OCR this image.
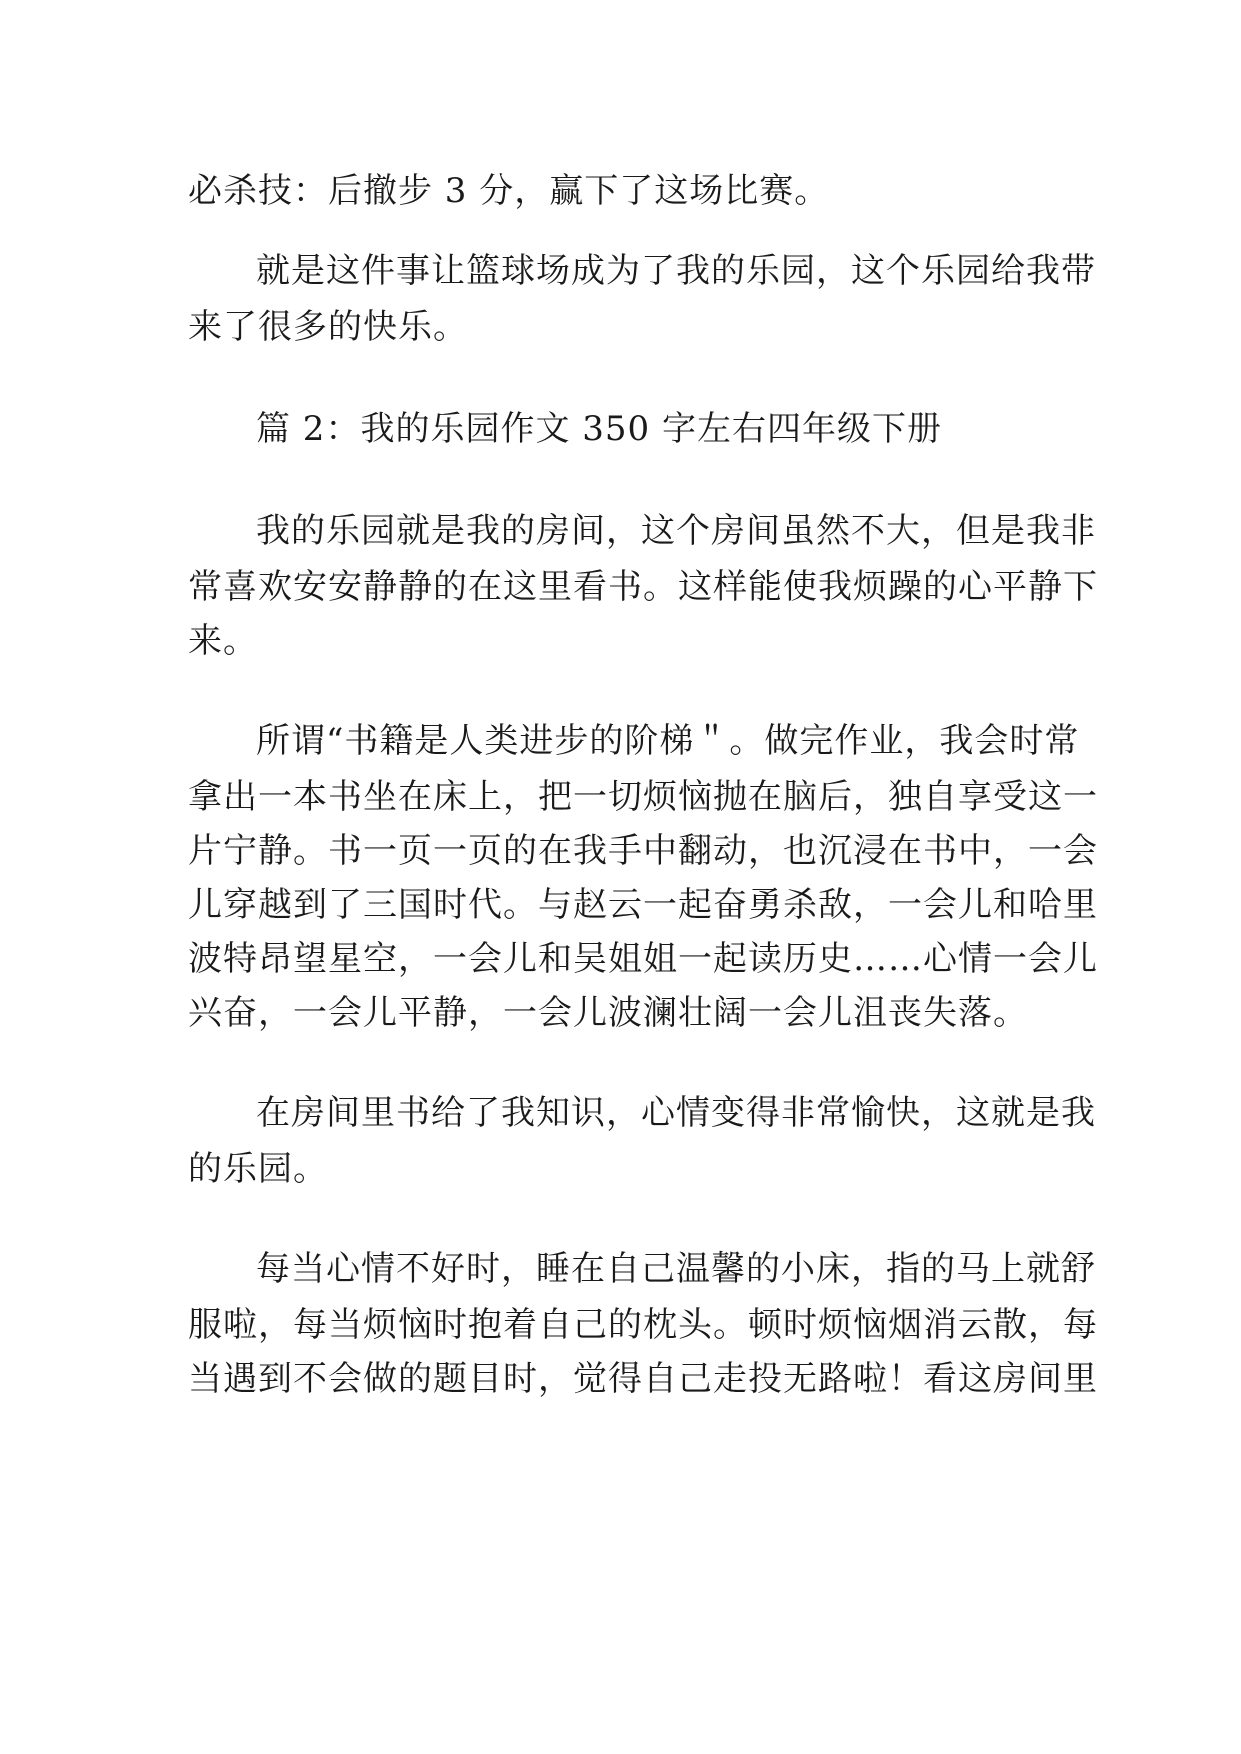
必杀技：后撤步 3 分，赢下了这场比赛。
就是这件事让篮球场成为了我的乐园，这个乐园给我带
来了很多的快乐。
篇 2：我的乐园作文 350 字左右四年级下册
我的乐园就是我的房间，这个房间虽然不大，但是我非
常喜欢安安静静的在这里看书。这样能使我烦躁的心平静下
来。
所谓“书籍是人类进步的阶梯＂。做完作业，我会时常
拿出一本书坐在床上，把一切烦恼抛在脑后，独自享受这一
片宁静。书一页一页的在我手中翻动，也沉浸在书中，一会
儿穿越到了三国时代。与赵云一起奋勇杀敌，一会儿和哈里
波特昂望星空，一会儿和吴姐姐一起读历史……心情一会儿
兴奋，一会儿平静，一会儿波澜壮阔一会儿沮丧失落。
在房间里书给了我知识，心情变得非常愉快，这就是我
的乐园。
每当心情不好时，睡在自己温馨的小床，指的马上就舒
服啦，每当烦恼时抱着自己的枕头。顿时烦恼烟消云散，每
当遇到不会做的题目时，觉得自己走投无路啦！看这房间里
